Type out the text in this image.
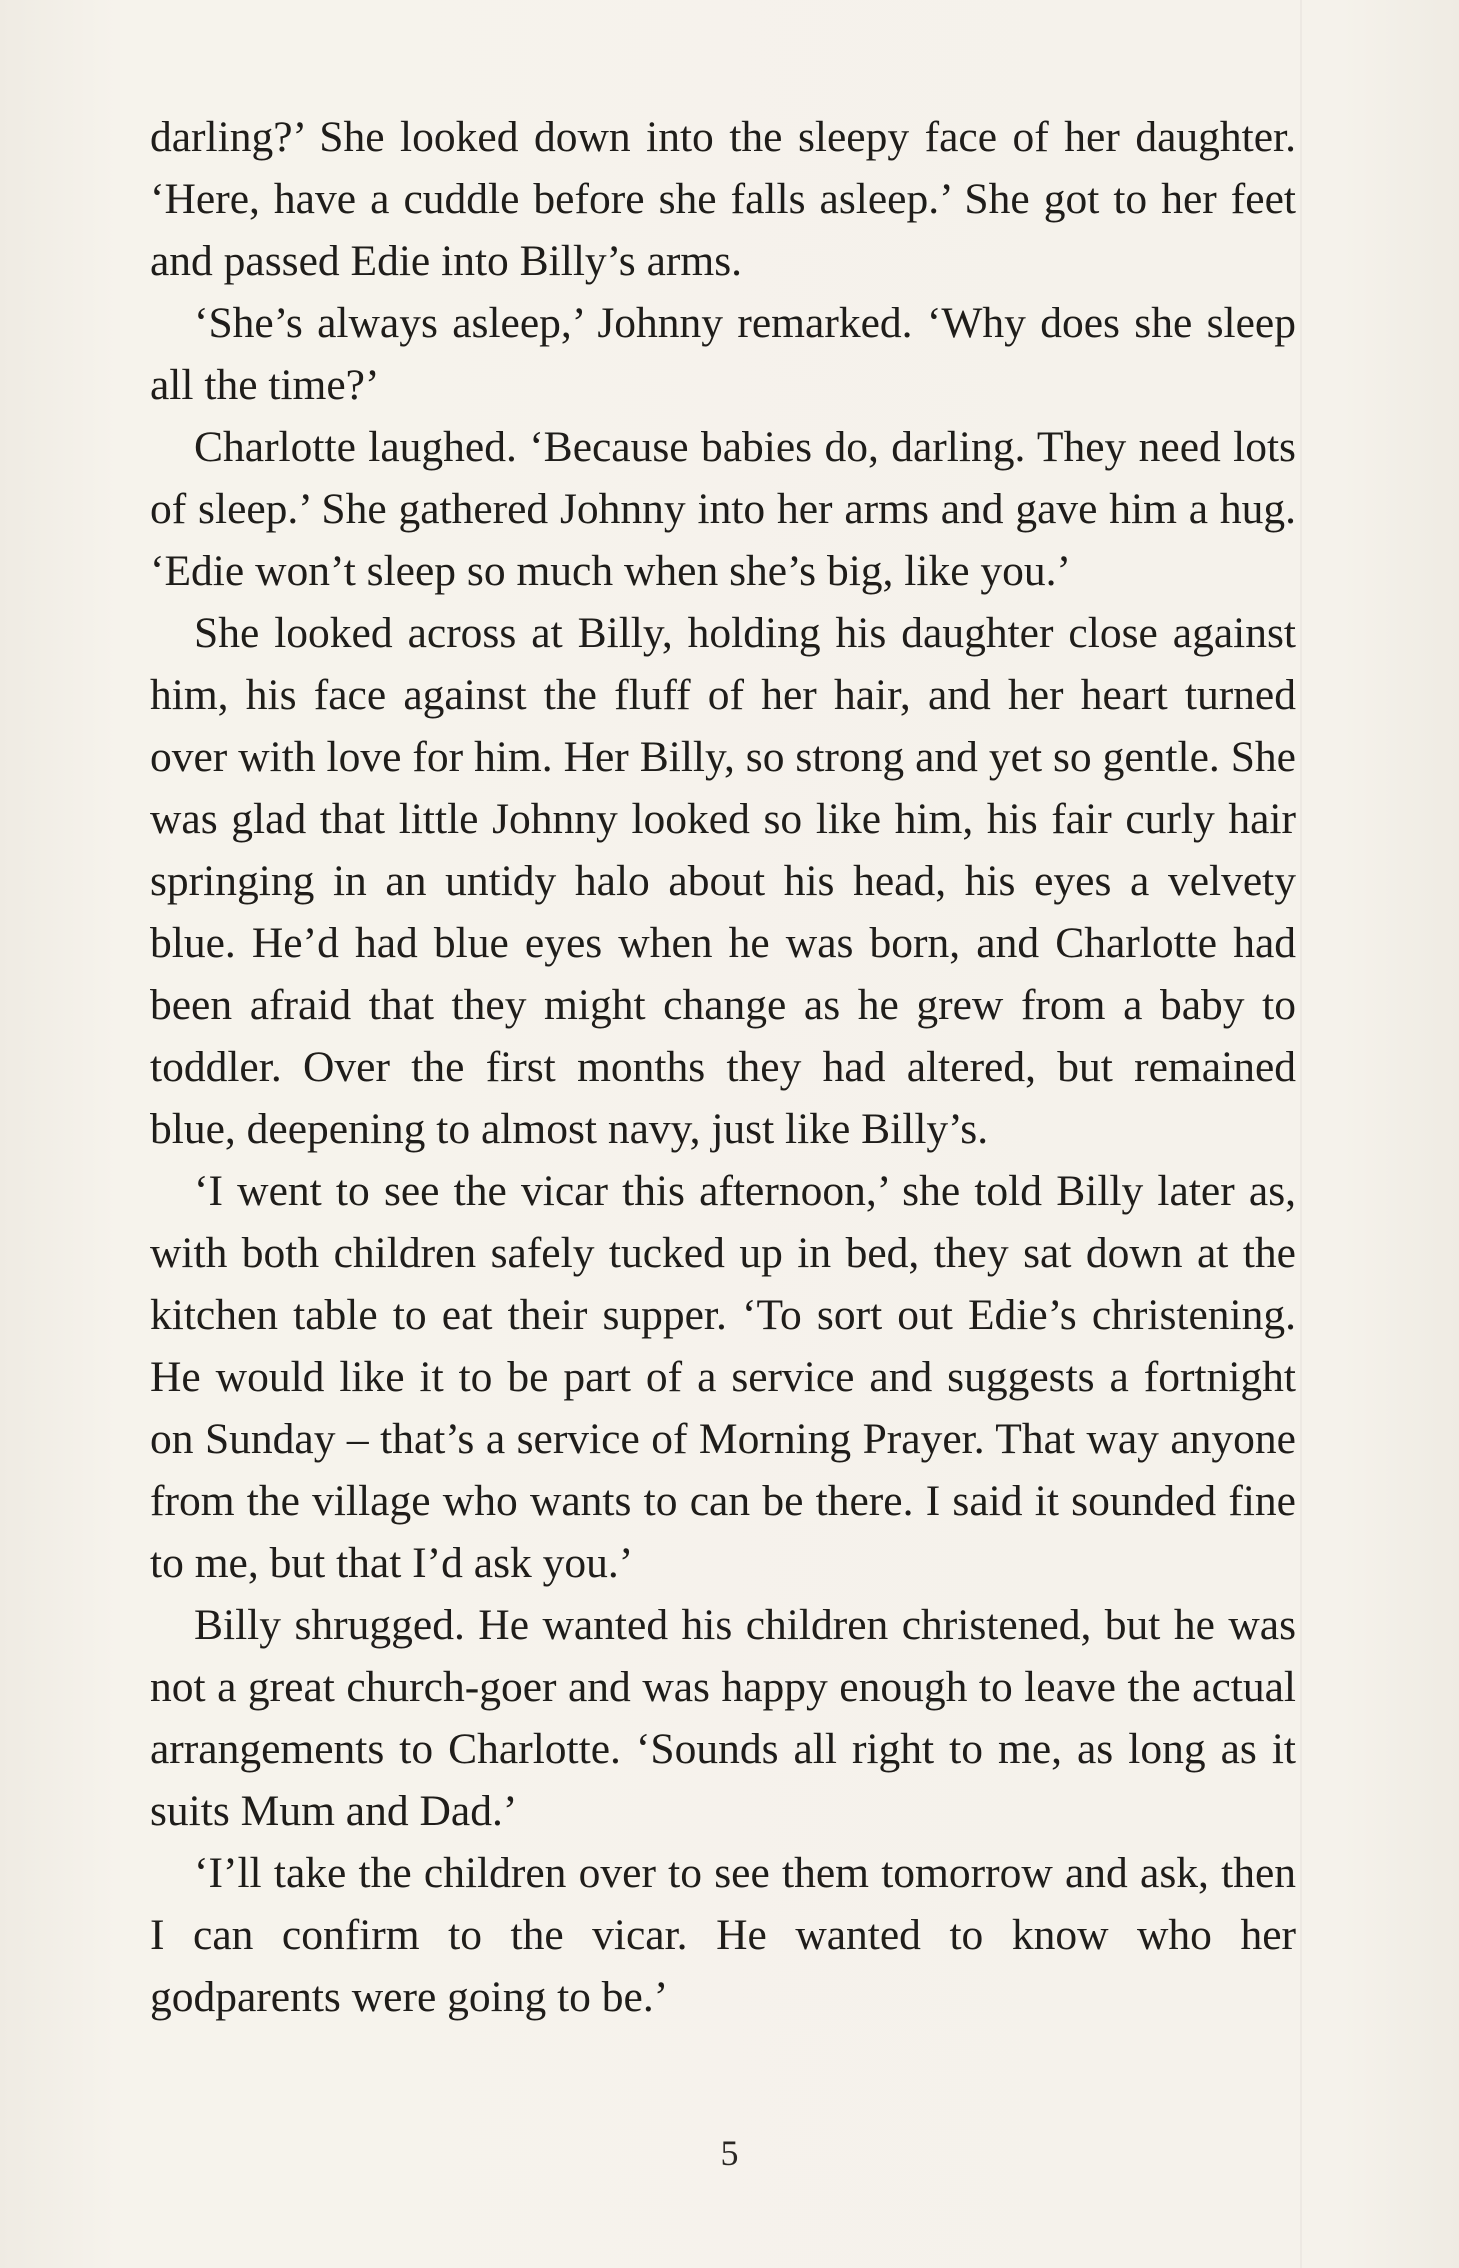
darling?’ She looked down into the sleepy face of her daughter. ‘Here, have a cuddle before she falls asleep.’ She got to her feet and passed Edie into Billy’s arms.

‘She’s always asleep,’ Johnny remarked. ‘Why does she sleep all the time?’

Charlotte laughed. ‘Because babies do, darling. They need lots of sleep.’ She gathered Johnny into her arms and gave him a hug. ‘Edie won’t sleep so much when she’s big, like you.’

She looked across at Billy, holding his daughter close against him, his face against the fluff of her hair, and her heart turned over with love for him. Her Billy, so strong and yet so gentle. She was glad that little Johnny looked so like him, his fair curly hair springing in an untidy halo about his head, his eyes a velvety blue. He’d had blue eyes when he was born, and Charlotte had been afraid that they might change as he grew from a baby to toddler. Over the first months they had altered, but remained blue, deepening to almost navy, just like Billy’s.

‘I went to see the vicar this afternoon,’ she told Billy later as, with both children safely tucked up in bed, they sat down at the kitchen table to eat their supper. ‘To sort out Edie’s christening. He would like it to be part of a service and suggests a fortnight on Sunday – that’s a service of Morning Prayer. That way anyone from the village who wants to can be there. I said it sounded fine to me, but that I’d ask you.’

Billy shrugged. He wanted his children christened, but he was not a great church-goer and was happy enough to leave the actual arrangements to Charlotte. ‘Sounds all right to me, as long as it suits Mum and Dad.’

‘I’ll take the children over to see them tomorrow and ask, then I can confirm to the vicar. He wanted to know who her godparents were going to be.’

5
